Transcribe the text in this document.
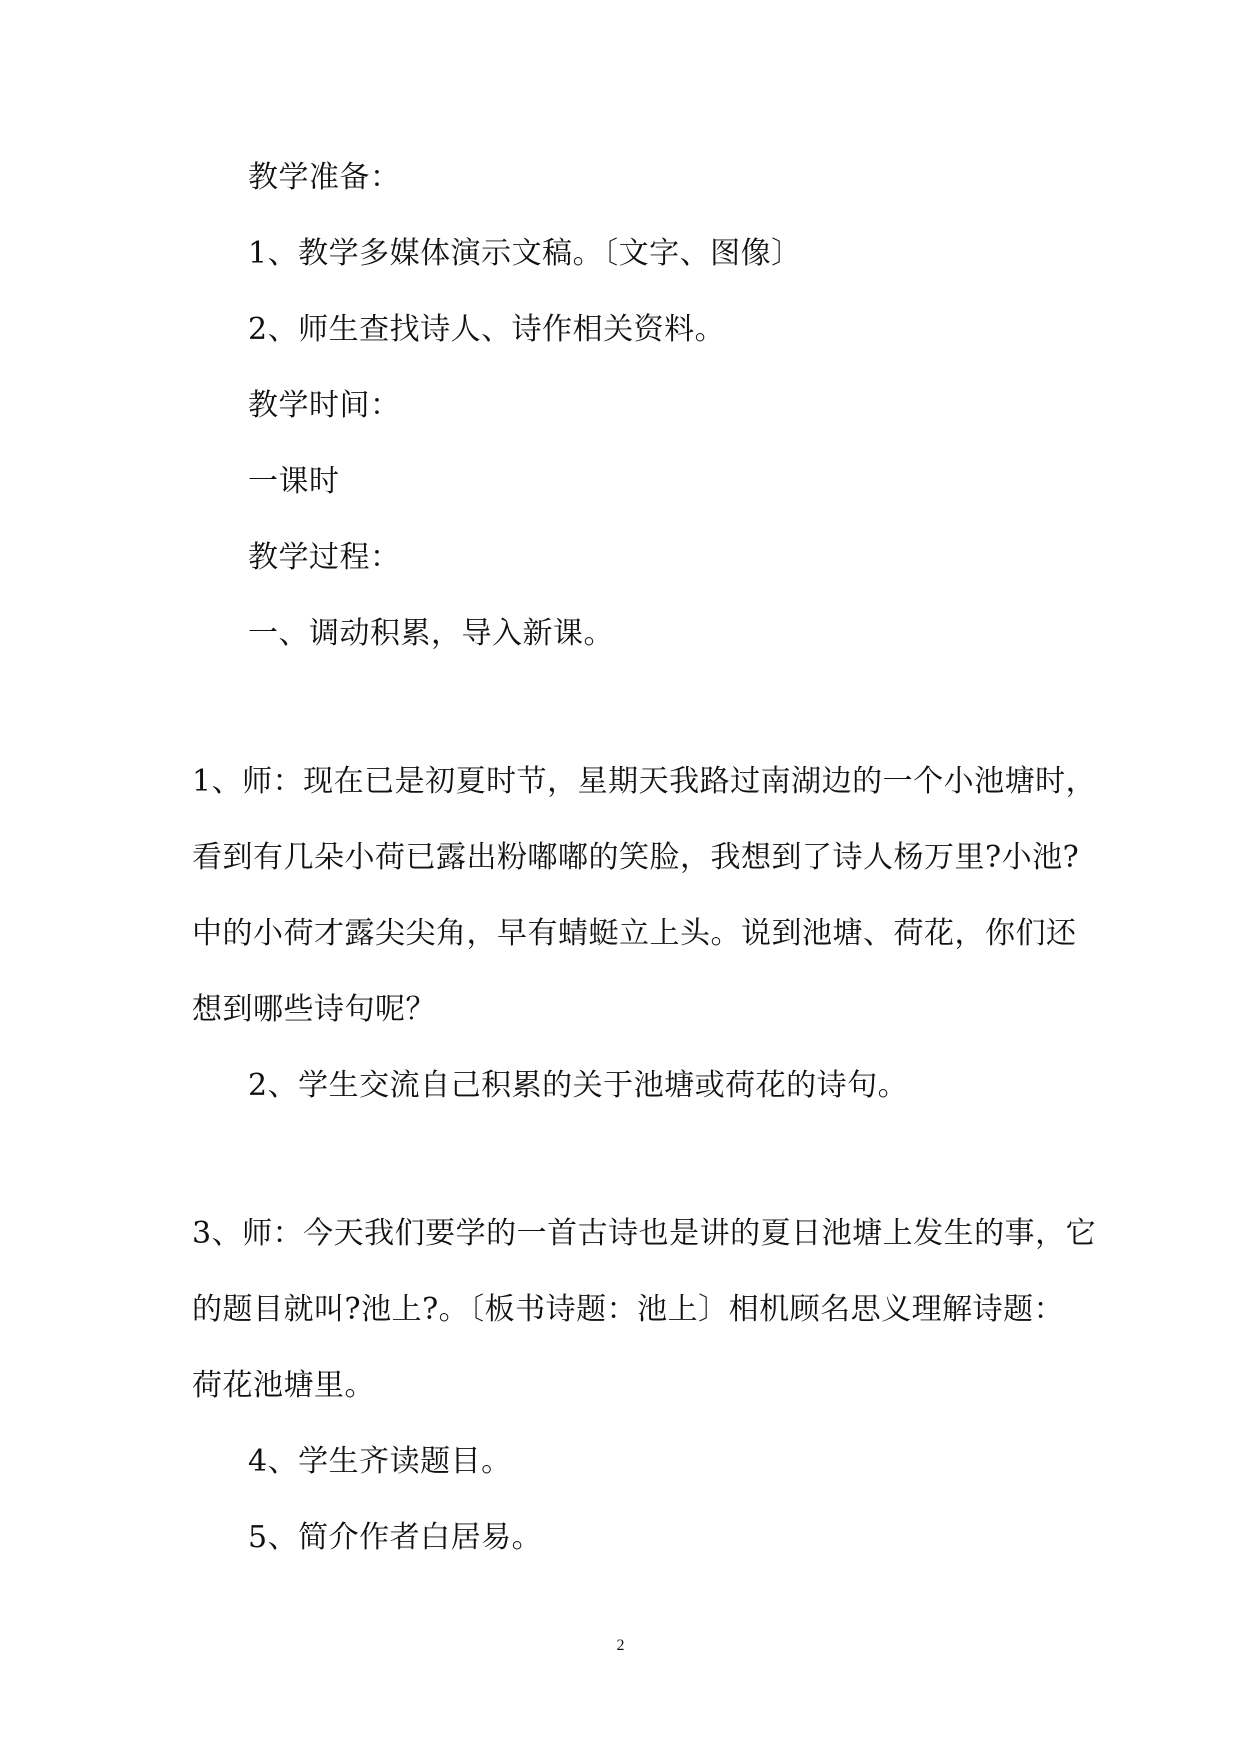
教学准备：
1、教学多媒体演示文稿。〔文字、图像〕
2、师生查找诗人、诗作相关资料。
教学时间：
一课时
教学过程：
一、调动积累，导入新课。
1、师：现在已是初夏时节，星期天我路过南湖边的一个小池塘时，
看到有几朵小荷已露出粉嘟嘟的笑脸，我想到了诗人杨万里?小池?
中的小荷才露尖尖角，早有蜻蜓立上头。说到池塘、荷花，你们还
想到哪些诗句呢？
2、学生交流自己积累的关于池塘或荷花的诗句。
3、师：今天我们要学的一首古诗也是讲的夏日池塘上发生的事，它
的题目就叫?池上?。〔板书诗题：池上〕相机顾名思义理解诗题：
荷花池塘里。
4、学生齐读题目。
5、简介作者白居易。
2
